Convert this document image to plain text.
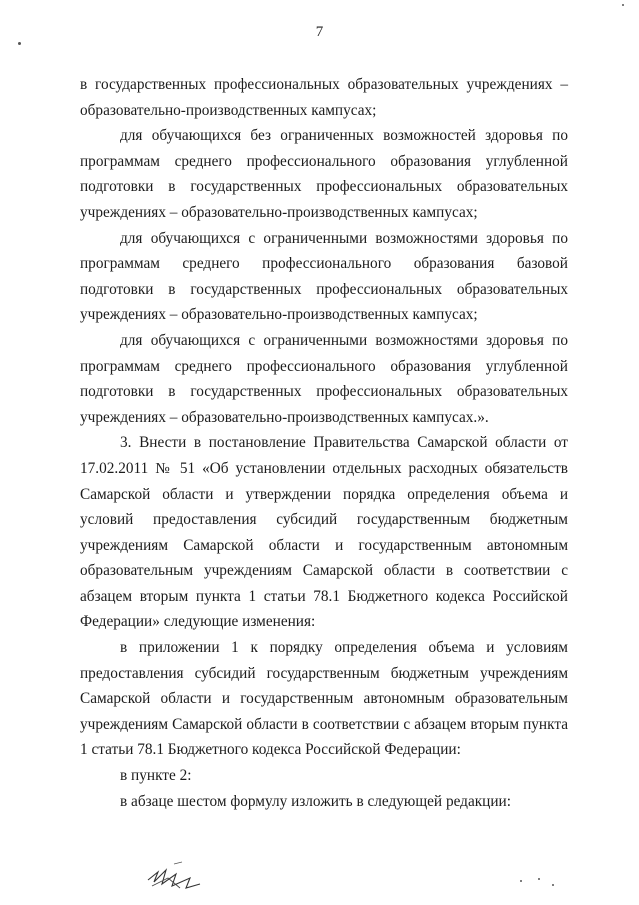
7

в государственных профессиональных образовательных учреждениях – образовательно-производственных кампусах;

для обучающихся без ограниченных возможностей здоровья по программам среднего профессионального образования углубленной подготовки в государственных профессиональных образовательных учреждениях – образовательно-производственных кампусах;

для обучающихся с ограниченными возможностями здоровья по программам среднего профессионального образования базовой подготовки в государственных профессиональных образовательных учреждениях – образовательно-производственных кампусах;

для обучающихся с ограниченными возможностями здоровья по программам среднего профессионального образования углубленной подготовки в государственных профессиональных образовательных учреждениях – образовательно-производственных кампусах.».

3. Внести в постановление Правительства Самарской области от 17.02.2011 № 51 «Об установлении отдельных расходных обязательств Самарской области и утверждении порядка определения объема и условий предоставления субсидий государственным бюджетным учреждениям Самарской области и государственным автономным образовательным учреждениям Самарской области в соответствии с абзацем вторым пункта 1 статьи 78.1 Бюджетного кодекса Российской Федерации» следующие изменения:

в приложении 1 к порядку определения объема и условиям предоставления субсидий государственным бюджетным учреждениям Самарской области и государственным автономным образовательным учреждениям Самарской области в соответствии с абзацем вторым пункта 1 статьи 78.1 Бюджетного кодекса Российской Федерации:

в пункте 2:

в абзаце шестом формулу изложить в следующей редакции:
